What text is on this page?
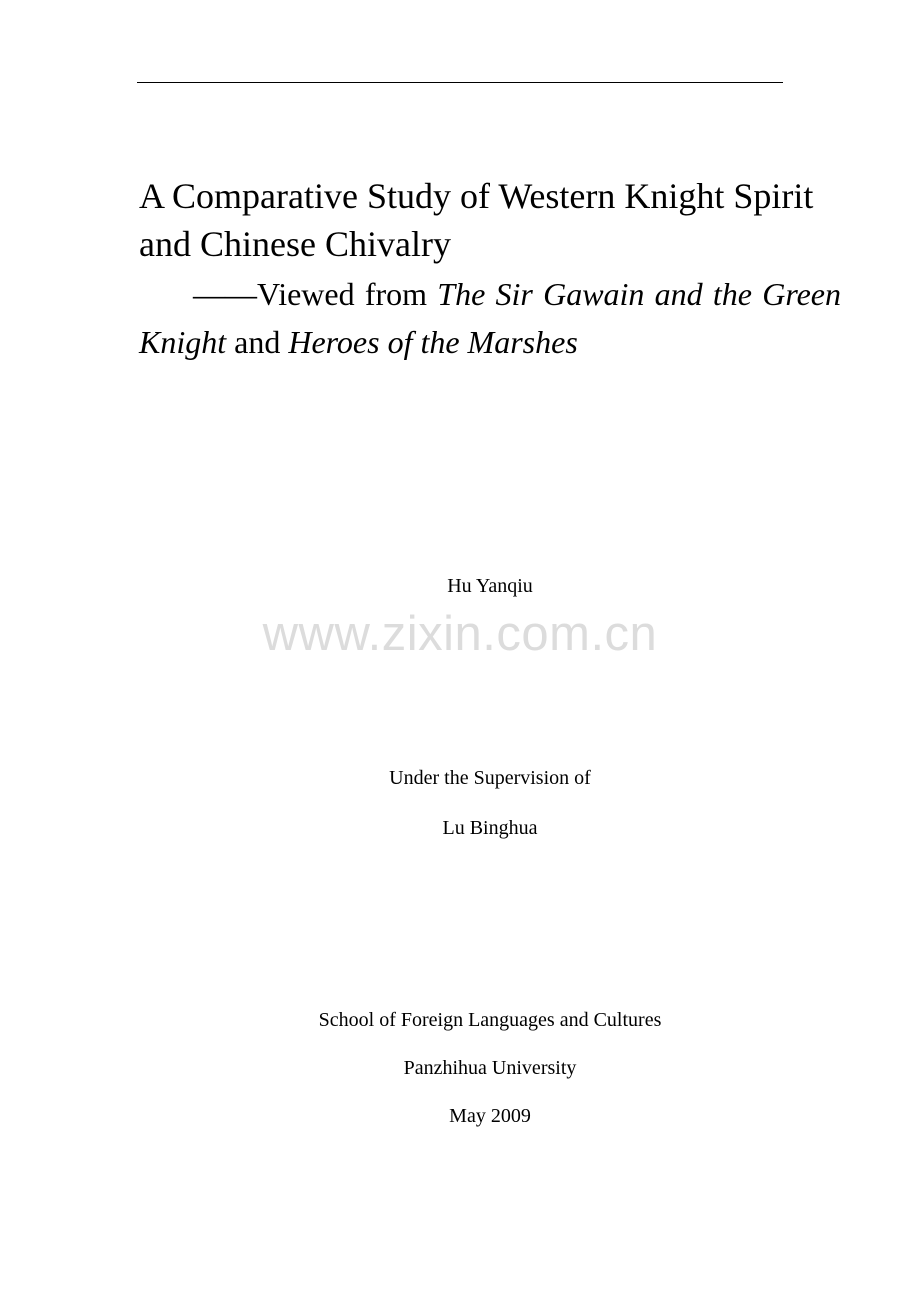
A Comparative Study of Western Knight Spirit and Chinese Chivalry

——Viewed from The Sir Gawain and the Green Knight and Heroes of the Marshes

Hu Yanqiu
www.zixin.com.cn
Under the Supervision of
Lu Binghua
School of Foreign Languages and Cultures
Panzhihua University
May 2009
